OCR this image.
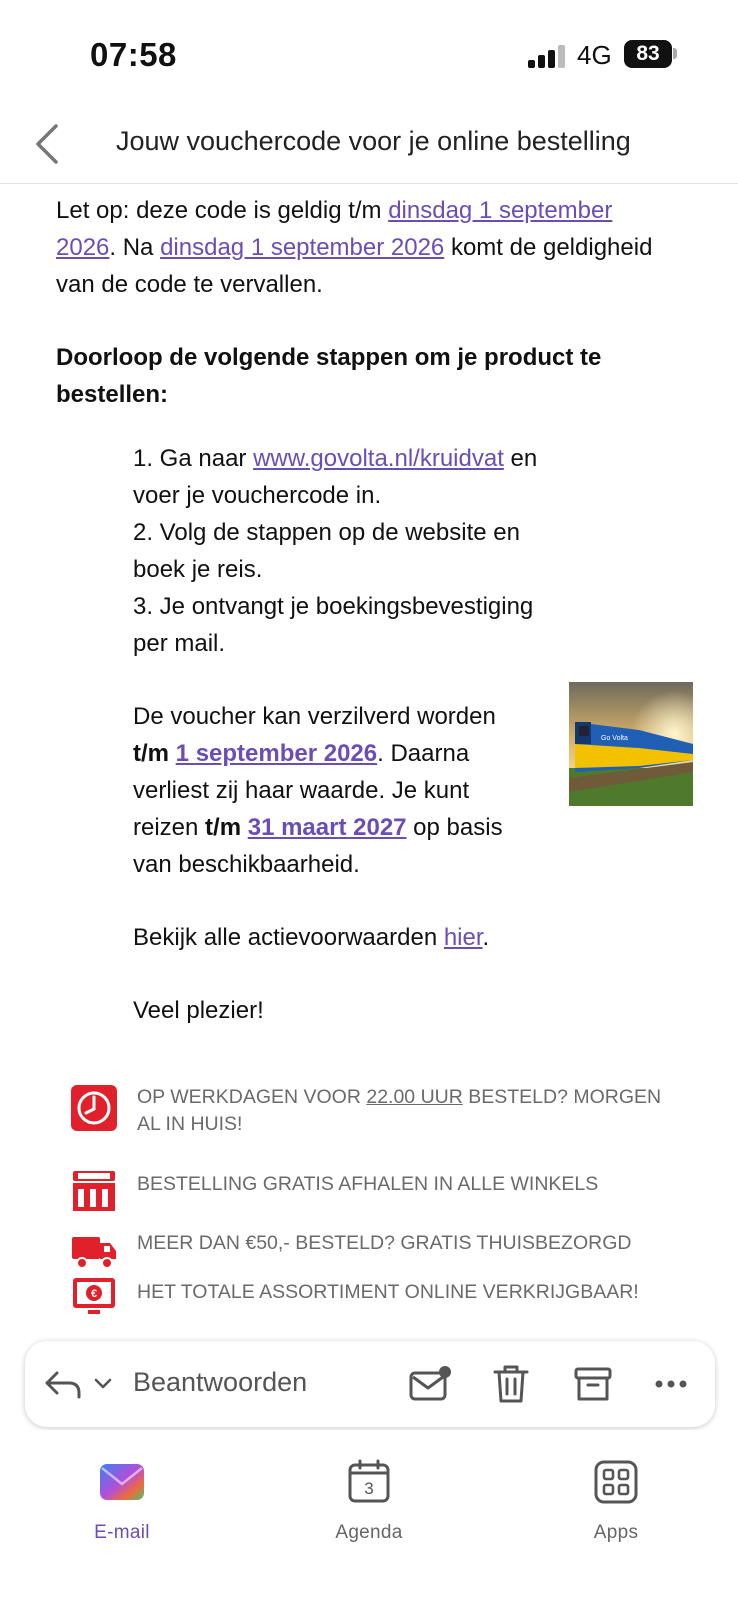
07:58	4G	83
Jouw vouchercode voor je online bestelling
Let op: deze code is geldig t/m dinsdag 1 september
2026. Na dinsdag 1 september 2026 komt de geldigheid
van de code te vervallen.
Doorloop de volgende stappen om je product te
bestellen:
1. Ga naar www.govolta.nl/kruidvat en
voer je vouchercode in.
2. Volg de stappen op de website en
boek je reis.
3. Je ontvangt je boekingsbevestiging
per mail.
De voucher kan verzilverd worden
t/m 1 september 2026. Daarna
verliest zij haar waarde. Je kunt
reizen t/m 31 maart 2027 op basis
van beschikbaarheid.
Go Volta
Bekijk alle actievoorwaarden hier.
Veel plezier!
OP WERKDAGEN VOOR 22.00 UUR BESTELD? MORGEN
AL IN HUIS!
BESTELLING GRATIS AFHALEN IN ALLE WINKELS
MEER DAN €50,- BESTELD? GRATIS THUISBEZORGD
€ HET TOTALE ASSORTIMENT ONLINE VERKRIJGBAAR!
Beantwoorden
E-mail
3
Agenda	Apps
